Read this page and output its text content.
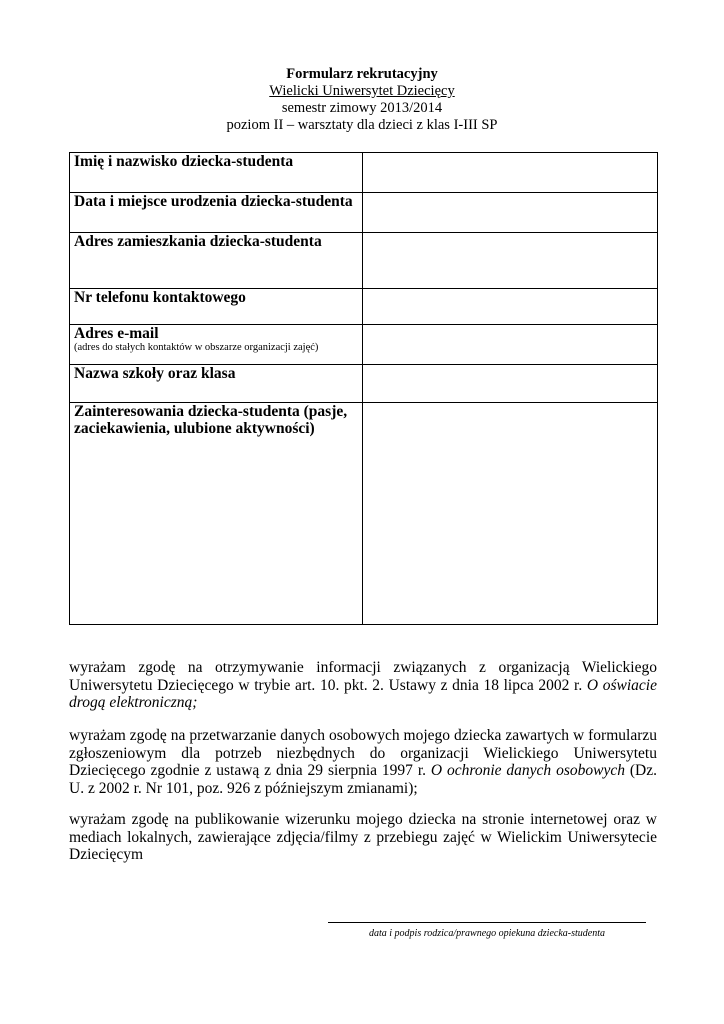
Formularz rekrutacyjny
Wielicki Uniwersytet Dziecięcy
semestr zimowy 2013/2014
poziom II – warsztaty dla dzieci z klas I-III SP
Imię i nazwisko dziecka-studenta	
Data i miejsce urodzenia dziecka-studenta	
Adres zamieszkania dziecka-studenta	
Nr telefonu kontaktowego	
Adres e-mail
(adres do stałych kontaktów w obszarze organizacji zajęć)	

Nazwa szkoły oraz klasa	
Zainteresowania dziecka-studenta (pasje, zaciekawienia, ulubione aktywności)	

wyrażam zgodę na otrzymywanie informacji związanych z organizacją Wielickiego Uniwersytetu Dziecięcego w trybie art. 10. pkt. 2. Ustawy z dnia 18 lipca 2002 r. O oświacie drogą elektroniczną;

wyrażam zgodę na przetwarzanie danych osobowych mojego dziecka zawartych w formularzu zgłoszeniowym dla potrzeb niezbędnych do organizacji Wielickiego Uniwersytetu Dziecięcego zgodnie z ustawą z dnia 29 sierpnia 1997 r. O ochronie danych osobowych (Dz. U. z 2002 r. Nr 101, poz. 926 z późniejszym zmianami);

wyrażam zgodę na publikowanie wizerunku mojego dziecka na stronie internetowej oraz w mediach lokalnych, zawierające zdjęcia/filmy z przebiegu zajęć w Wielickim Uniwersytecie Dziecięcym

data i podpis rodzica/prawnego opiekuna dziecka-studenta
